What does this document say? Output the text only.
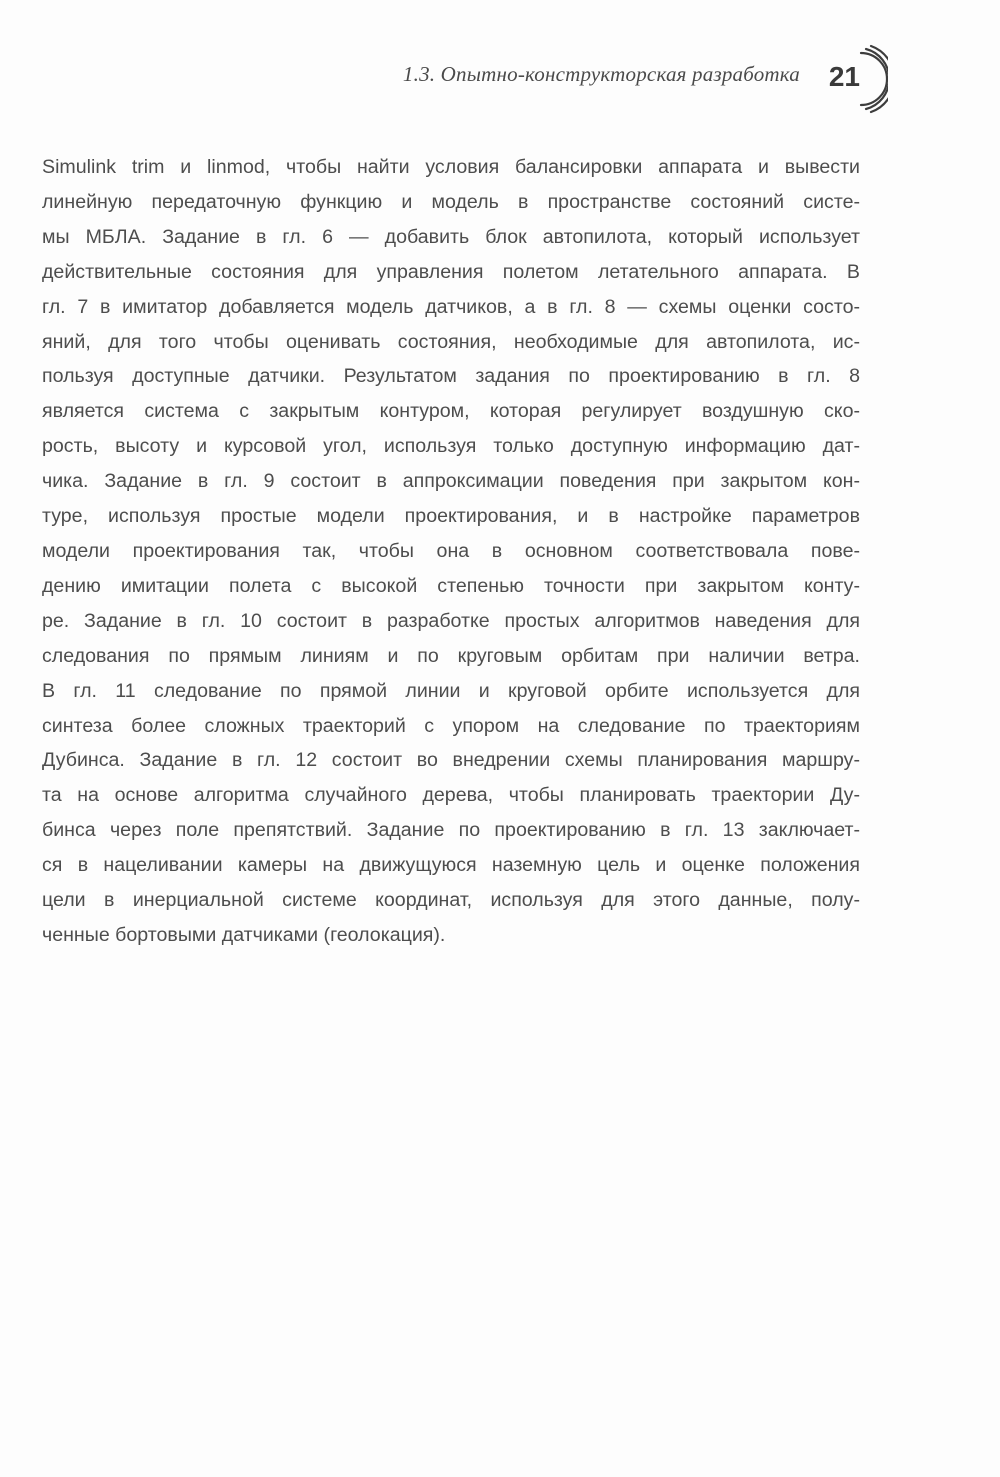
1.3. Опытно-конструкторская разработка 21
Simulink trim и linmod, чтобы найти условия балансировки аппарата и вывести
линейную передаточную функцию и модель в пространстве состояний систе-
мы МБЛА. Задание в гл. 6 — добавить блок автопилота, который использует
действительные состояния для управления полетом летательного аппарата. В
гл. 7 в имитатор добавляется модель датчиков, а в гл. 8 — схемы оценки состо-
яний, для того чтобы оценивать состояния, необходимые для автопилота, ис-
пользуя доступные датчики. Результатом задания по проектированию в гл. 8
является система с закрытым контуром, которая регулирует воздушную ско-
рость, высоту и курсовой угол, используя только доступную информацию дат-
чика. Задание в гл. 9 состоит в аппроксимации поведения при закрытом кон-
туре, используя простые модели проектирования, и в настройке параметров
модели проектирования так, чтобы она в основном соответствовала пове-
дению имитации полета с высокой степенью точности при закрытом конту-
ре. Задание в гл. 10 состоит в разработке простых алгоритмов наведения для
следования по прямым линиям и по круговым орбитам при наличии ветра.
В гл. 11 следование по прямой линии и круговой орбите используется для
синтеза более сложных траекторий с упором на следование по траекториям
Дубинса. Задание в гл. 12 состоит во внедрении схемы планирования маршру-
та на основе алгоритма случайного дерева, чтобы планировать траектории Ду-
бинса через поле препятствий. Задание по проектированию в гл. 13 заключает-
ся в нацеливании камеры на движущуюся наземную цель и оценке положения
цели в инерциальной системе координат, используя для этого данные, полу-
ченные бортовыми датчиками (геолокация).
